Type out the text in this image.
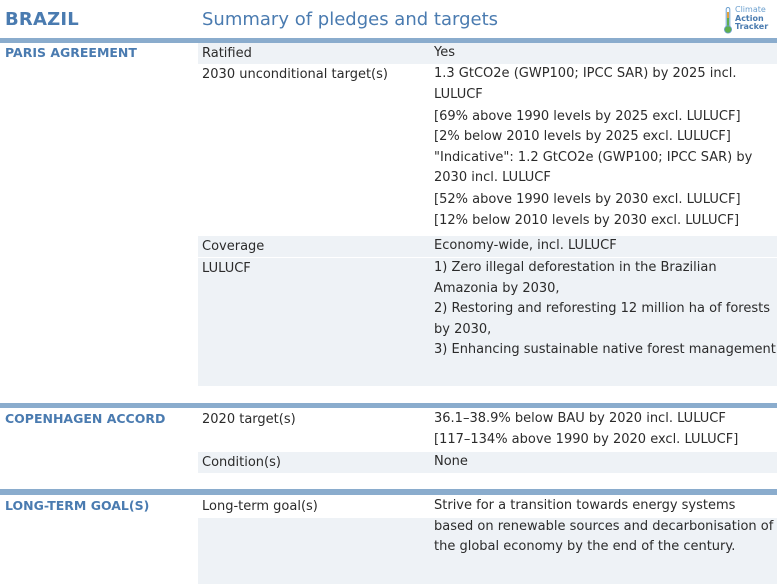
BRAZIL	Summary of pledges and targets	Climate
Action
Tracker
PARIS AGREEMENT	Ratified	Yes

2030 unconditional target(s)	1.3 GtCO2e (GWP100; IPCC SAR) by 2025 incl. LULUCF

[69% above 1990 levels by 2025 excl. LULUCF]

[2% below 2010 levels by 2025 excl. LULUCF]

"Indicative": 1.2 GtCO2e (GWP100; IPCC SAR) by 2030 incl. LULUCF

[52% above 1990 levels by 2030 excl. LULUCF]

[12% below 2010 levels by 2030 excl. LULUCF]

Coverage	Economy-wide, incl. LULUCF

LULUCF	1) Zero illegal deforestation in the Brazilian Amazonia by 2030,

2) Restoring and reforesting 12 million ha of forests by 2030,

3) Enhancing sustainable native forest management

COPENHAGEN ACCORD	2020 target(s)	36.1–38.9% below BAU by 2020 incl. LULUCF

[117–134% above 1990 by 2020 excl. LULUCF]

Condition(s)	None

LONG-TERM GOAL(S)	Long-term goal(s)	Strive for a transition towards energy systems based on renewable sources and decarbonisation of the global economy by the end of the century.
